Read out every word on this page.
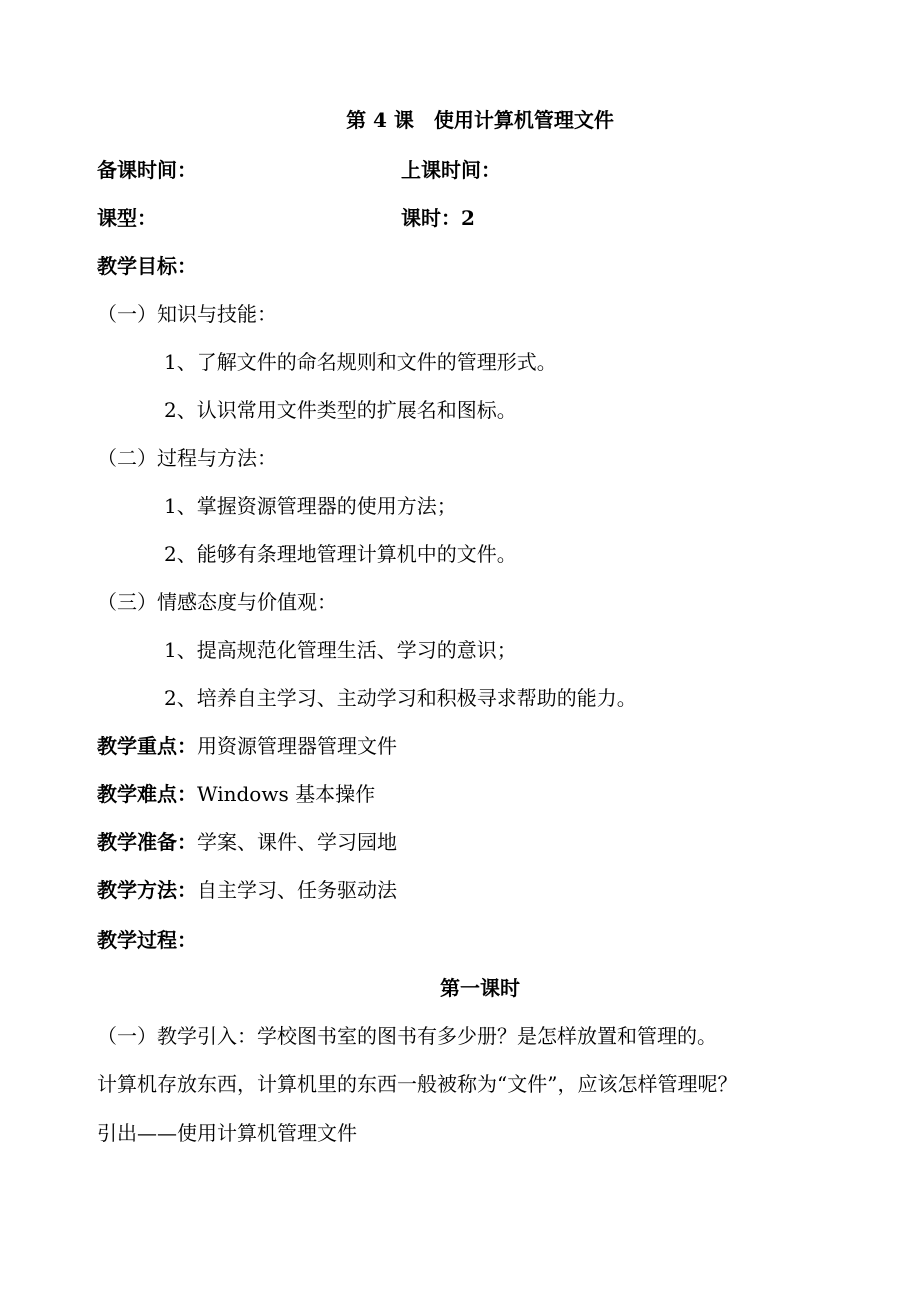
第 4 课　使用计算机管理文件
备课时间：	上课时间：
课型：	课时：2
教学目标：
（一）知识与技能：
1、了解文件的命名规则和文件的管理形式。
2、认识常用文件类型的扩展名和图标。
（二）过程与方法：
1、掌握资源管理器的使用方法；
2、能够有条理地管理计算机中的文件。
（三）情感态度与价值观：
1、提高规范化管理生活、学习的意识；
2、培养自主学习、主动学习和积极寻求帮助的能力。
教学重点：用资源管理器管理文件
教学难点：Windows 基本操作
教学准备：学案、课件、学习园地
教学方法：自主学习、任务驱动法
教学过程：
第一课时
（一）教学引入：学校图书室的图书有多少册？是怎样放置和管理的。
计算机存放东西，计算机里的东西一般被称为“文件”，应该怎样管理呢？
引出——使用计算机管理文件
